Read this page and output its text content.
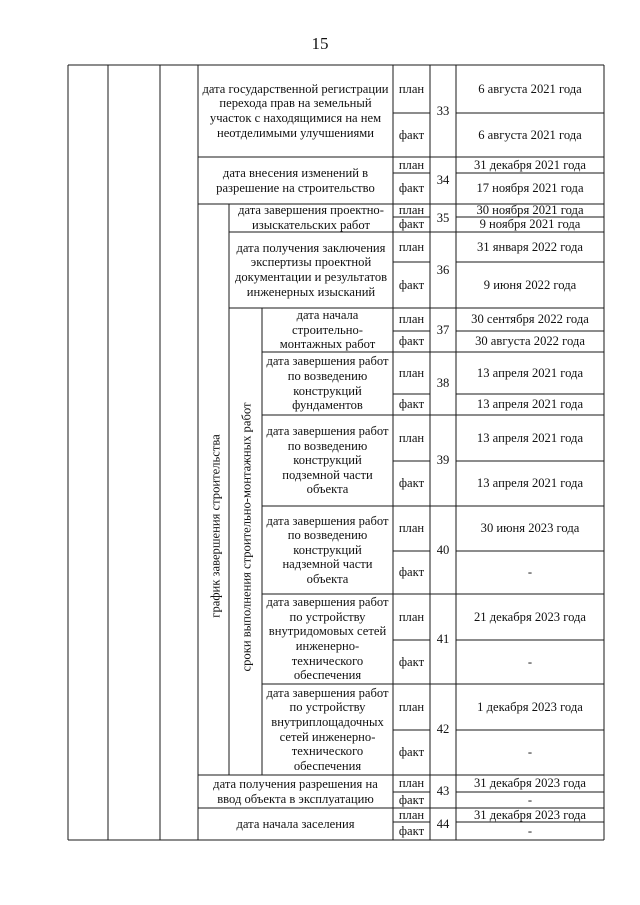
15
график завершения строительства сроки выполнения строительно-монтажных работ
дата государственной регистрации перехода прав на земельный участок с находящимися на нем неотделимыми улучшениями
план
факт
33
6 августа 2021 года
6 августа 2021 года
дата внесения изменений в разрешение на строительство
план
факт
34
31 декабря 2021 года
17 ноября 2021 года
дата завершения проектно-изыскательских работ
план
факт 35
30 ноября 2021 года
9 ноября 2021 года
дата получения заключения экспертизы проектной документации и результатов инженерных изысканий
план
факт
36
31 января 2022 года
9 июня 2022 года
дата начала строительно-монтажных работ
план
факт
37
30 сентября 2022 года
30 августа 2022 года
дата завершения работ по возведению конструкций фундаментов
план
факт
38
13 апреля 2021 года
13 апреля 2021 года
дата завершения работ по возведению конструкций подземной части объекта
план
факт
39
13 апреля 2021 года
13 апреля 2021 года
дата завершения работ по возведению конструкций надземной части объекта
план
факт
40
30 июня 2023 года
-
дата завершения работ по устройству внутридомовых сетей инженерно-технического обеспечения
план
факт
41
21 декабря 2023 года
-
дата завершения работ по устройству внутриплощадочных сетей инженерно-технического обеспечения
план
факт
42
1 декабря 2023 года
-
дата получения разрешения на ввод объекта в эксплуатацию
план
факт
43
31 декабря 2023 года
-
дата начала заселения
план
факт 44
31 декабря 2023 года
-
